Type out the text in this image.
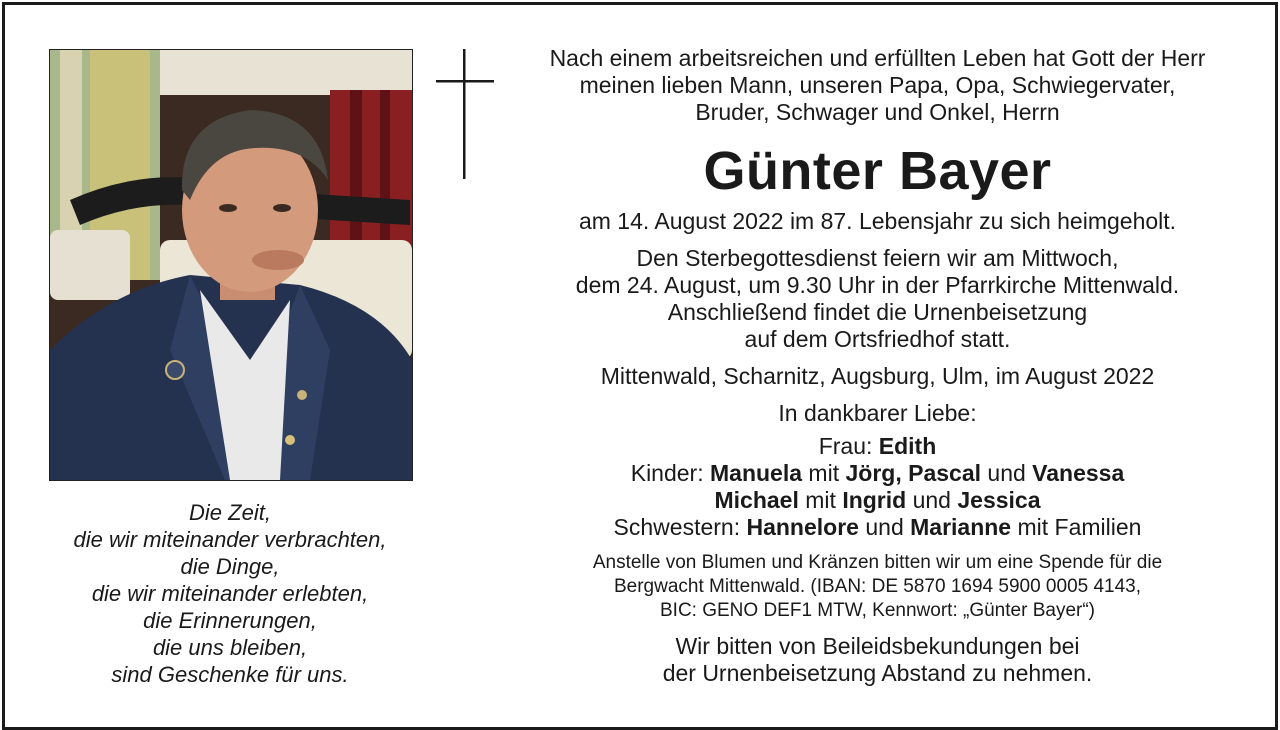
Die Zeit,
die wir miteinander verbrachten,
die Dinge,
die wir miteinander erlebten,
die Erinnerungen,
die uns bleiben,
sind Geschenke für uns.
Nach einem arbeitsreichen und erfüllten Leben hat Gott der Herr
meinen lieben Mann, unseren Papa, Opa, Schwiegervater,
Bruder, Schwager und Onkel, Herrn
Günter Bayer
am 14. August 2022 im 87. Lebensjahr zu sich heimgeholt.
Den Sterbegottesdienst feiern wir am Mittwoch,
dem 24. August, um 9.30 Uhr in der Pfarrkirche Mittenwald.
Anschließend findet die Urnenbeisetzung
auf dem Ortsfriedhof statt.
Mittenwald, Scharnitz, Augsburg, Ulm, im August 2022
In dankbarer Liebe:
Frau: Edith
Kinder: Manuela mit Jörg, Pascal und Vanessa
Michael mit Ingrid und Jessica
Schwestern: Hannelore und Marianne mit Familien
Anstelle von Blumen und Kränzen bitten wir um eine Spende für die
Bergwacht Mittenwald. (IBAN: DE 5870 1694 5900 0005 4143,
BIC: GENO DEF1 MTW, Kennwort: „Günter Bayer“)
Wir bitten von Beileidsbekundungen bei
der Urnenbeisetzung Abstand zu nehmen.
